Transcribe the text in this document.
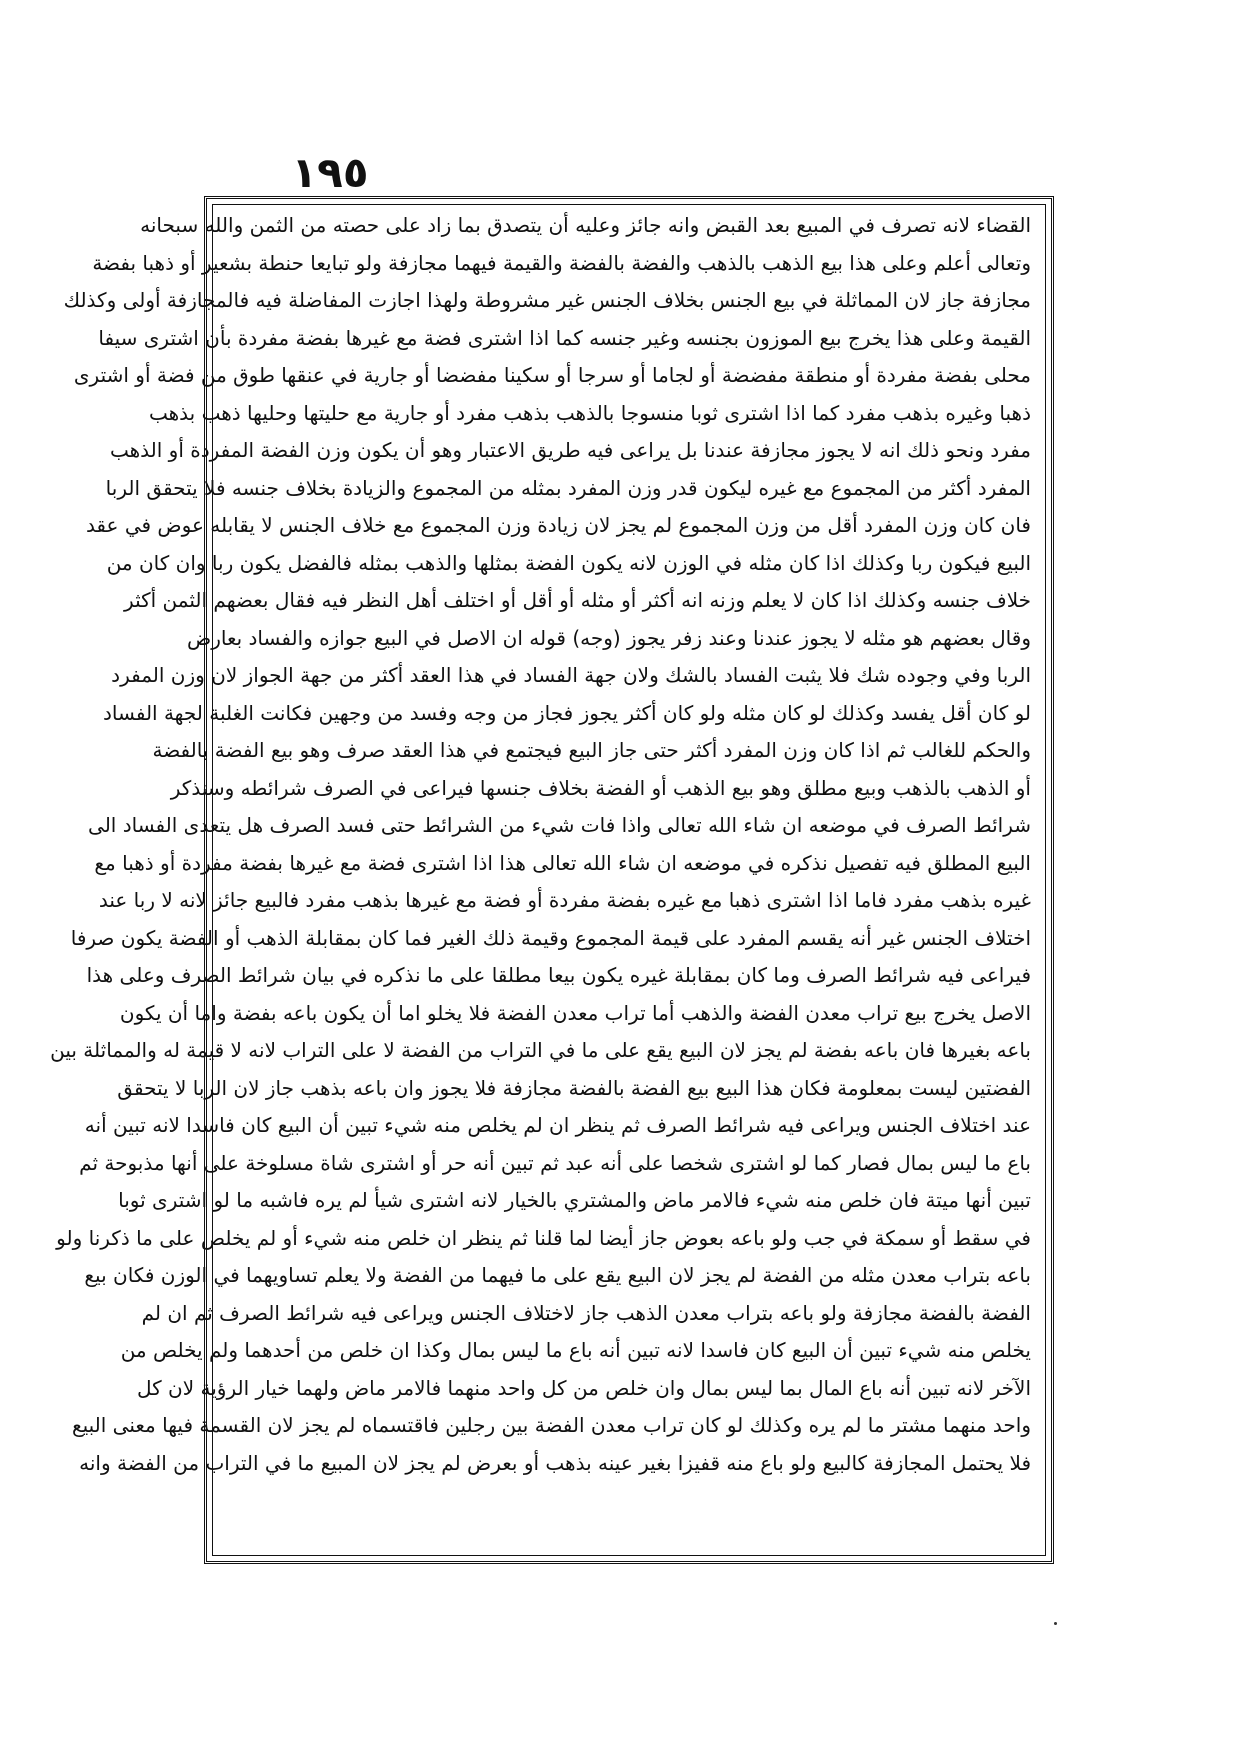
١٩٥
القضاء لانه تصرف في المبيع بعد القبض وانه جائز وعليه أن يتصدق بما زاد على حصته من الثمن والله سبحانه
وتعالى أعلم وعلى هذا بيع الذهب بالذهب والفضة بالفضة والقيمة فيهما مجازفة ولو تبايعا حنطة بشعير أو ذهبا بفضة
مجازفة جاز لان المماثلة في بيع الجنس بخلاف الجنس غير مشروطة ولهذا اجازت المفاضلة فيه فالمجازفة أولى وكذلك
القيمة وعلى هذا يخرج بيع الموزون بجنسه وغير جنسه كما اذا اشترى فضة مع غيرها بفضة مفردة بأن اشترى سيفا
محلى بفضة مفردة أو منطقة مفضضة أو لجاما أو سرجا أو سكينا مفضضا أو جارية في عنقها طوق من فضة أو اشترى
ذهبا وغيره بذهب مفرد كما اذا اشترى ثوبا منسوجا بالذهب بذهب مفرد أو جارية مع حليتها وحليها ذهب بذهب
مفرد ونحو ذلك انه لا يجوز مجازفة عندنا بل يراعى فيه طريق الاعتبار وهو أن يكون وزن الفضة المفردة أو الذهب
المفرد أكثر من المجموع مع غيره ليكون قدر وزن المفرد بمثله من المجموع والزيادة بخلاف جنسه فلا يتحقق الربا
فان كان وزن المفرد أقل من وزن المجموع لم يجز لان زيادة وزن المجموع مع خلاف الجنس لا يقابله عوض في عقد
البيع فيكون ربا وكذلك اذا كان مثله في الوزن لانه يكون الفضة بمثلها والذهب بمثله فالفضل يكون ربا وان كان من
خلاف جنسه وكذلك اذا كان لا يعلم وزنه انه أكثر أو مثله أو أقل أو اختلف أهل النظر فيه فقال بعضهم الثمن أكثر
وقال بعضهم هو مثله لا يجوز عندنا وعند زفر يجوز (وجه) قوله ان الاصل في البيع جوازه والفساد بعارض
الربا وفي وجوده شك فلا يثبت الفساد بالشك ولان جهة الفساد في هذا العقد أكثر من جهة الجواز لان وزن المفرد
لو كان أقل يفسد وكذلك لو كان مثله ولو كان أكثر يجوز فجاز من وجه وفسد من وجهين فكانت الغلبة لجهة الفساد
والحكم للغالب ثم اذا كان وزن المفرد أكثر حتى جاز البيع فيجتمع في هذا العقد صرف وهو بيع الفضة بالفضة
أو الذهب بالذهب وبيع مطلق وهو بيع الذهب أو الفضة بخلاف جنسها فيراعى في الصرف شرائطه وسنذكر
شرائط الصرف في موضعه ان شاء الله تعالى واذا فات شيء من الشرائط حتى فسد الصرف هل يتعدى الفساد الى
البيع المطلق فيه تفصيل نذكره في موضعه ان شاء الله تعالى هذا اذا اشترى فضة مع غيرها بفضة مفردة أو ذهبا مع
غيره بذهب مفرد فاما اذا اشترى ذهبا مع غيره بفضة مفردة أو فضة مع غيرها بذهب مفرد فالبيع جائز لانه لا ربا عند
اختلاف الجنس غير أنه يقسم المفرد على قيمة المجموع وقيمة ذلك الغير فما كان بمقابلة الذهب أو الفضة يكون صرفا
فيراعى فيه شرائط الصرف وما كان بمقابلة غيره يكون بيعا مطلقا على ما نذكره في بيان شرائط الصرف وعلى هذا
الاصل يخرج بيع تراب معدن الفضة والذهب أما تراب معدن الفضة فلا يخلو اما أن يكون باعه بفضة واما أن يكون
باعه بغيرها فان باعه بفضة لم يجز لان البيع يقع على ما في التراب من الفضة لا على التراب لانه لا قيمة له والمماثلة بين
الفضتين ليست بمعلومة فكان هذا البيع بيع الفضة بالفضة مجازفة فلا يجوز وان باعه بذهب جاز لان الربا لا يتحقق
عند اختلاف الجنس ويراعى فيه شرائط الصرف ثم ينظر ان لم يخلص منه شيء تبين أن البيع كان فاسدا لانه تبين أنه
باع ما ليس بمال فصار كما لو اشترى شخصا على أنه عبد ثم تبين أنه حر أو اشترى شاة مسلوخة على أنها مذبوحة ثم
تبين أنها ميتة فان خلص منه شيء فالامر ماض والمشتري بالخيار لانه اشترى شيأ لم يره فاشبه ما لو اشترى ثوبا
في سقط أو سمكة في جب ولو باعه بعوض جاز أيضا لما قلنا ثم ينظر ان خلص منه شيء أو لم يخلص على ما ذكرنا ولو
باعه بتراب معدن مثله من الفضة لم يجز لان البيع يقع على ما فيهما من الفضة ولا يعلم تساويهما في الوزن فكان بيع
الفضة بالفضة مجازفة ولو باعه بتراب معدن الذهب جاز لاختلاف الجنس ويراعى فيه شرائط الصرف ثم ان لم
يخلص منه شيء تبين أن البيع كان فاسدا لانه تبين أنه باع ما ليس بمال وكذا ان خلص من أحدهما ولم يخلص من
الآخر لانه تبين أنه باع المال بما ليس بمال وان خلص من كل واحد منهما فالامر ماض ولهما خيار الرؤية لان كل
واحد منهما مشتر ما لم يره وكذلك لو كان تراب معدن الفضة بين رجلين فاقتسماه لم يجز لان القسمة فيها معنى البيع
فلا يحتمل المجازفة كالبيع ولو باع منه قفيزا بغير عينه بذهب أو بعرض لم يجز لان المبيع ما في التراب من الفضة وانه
